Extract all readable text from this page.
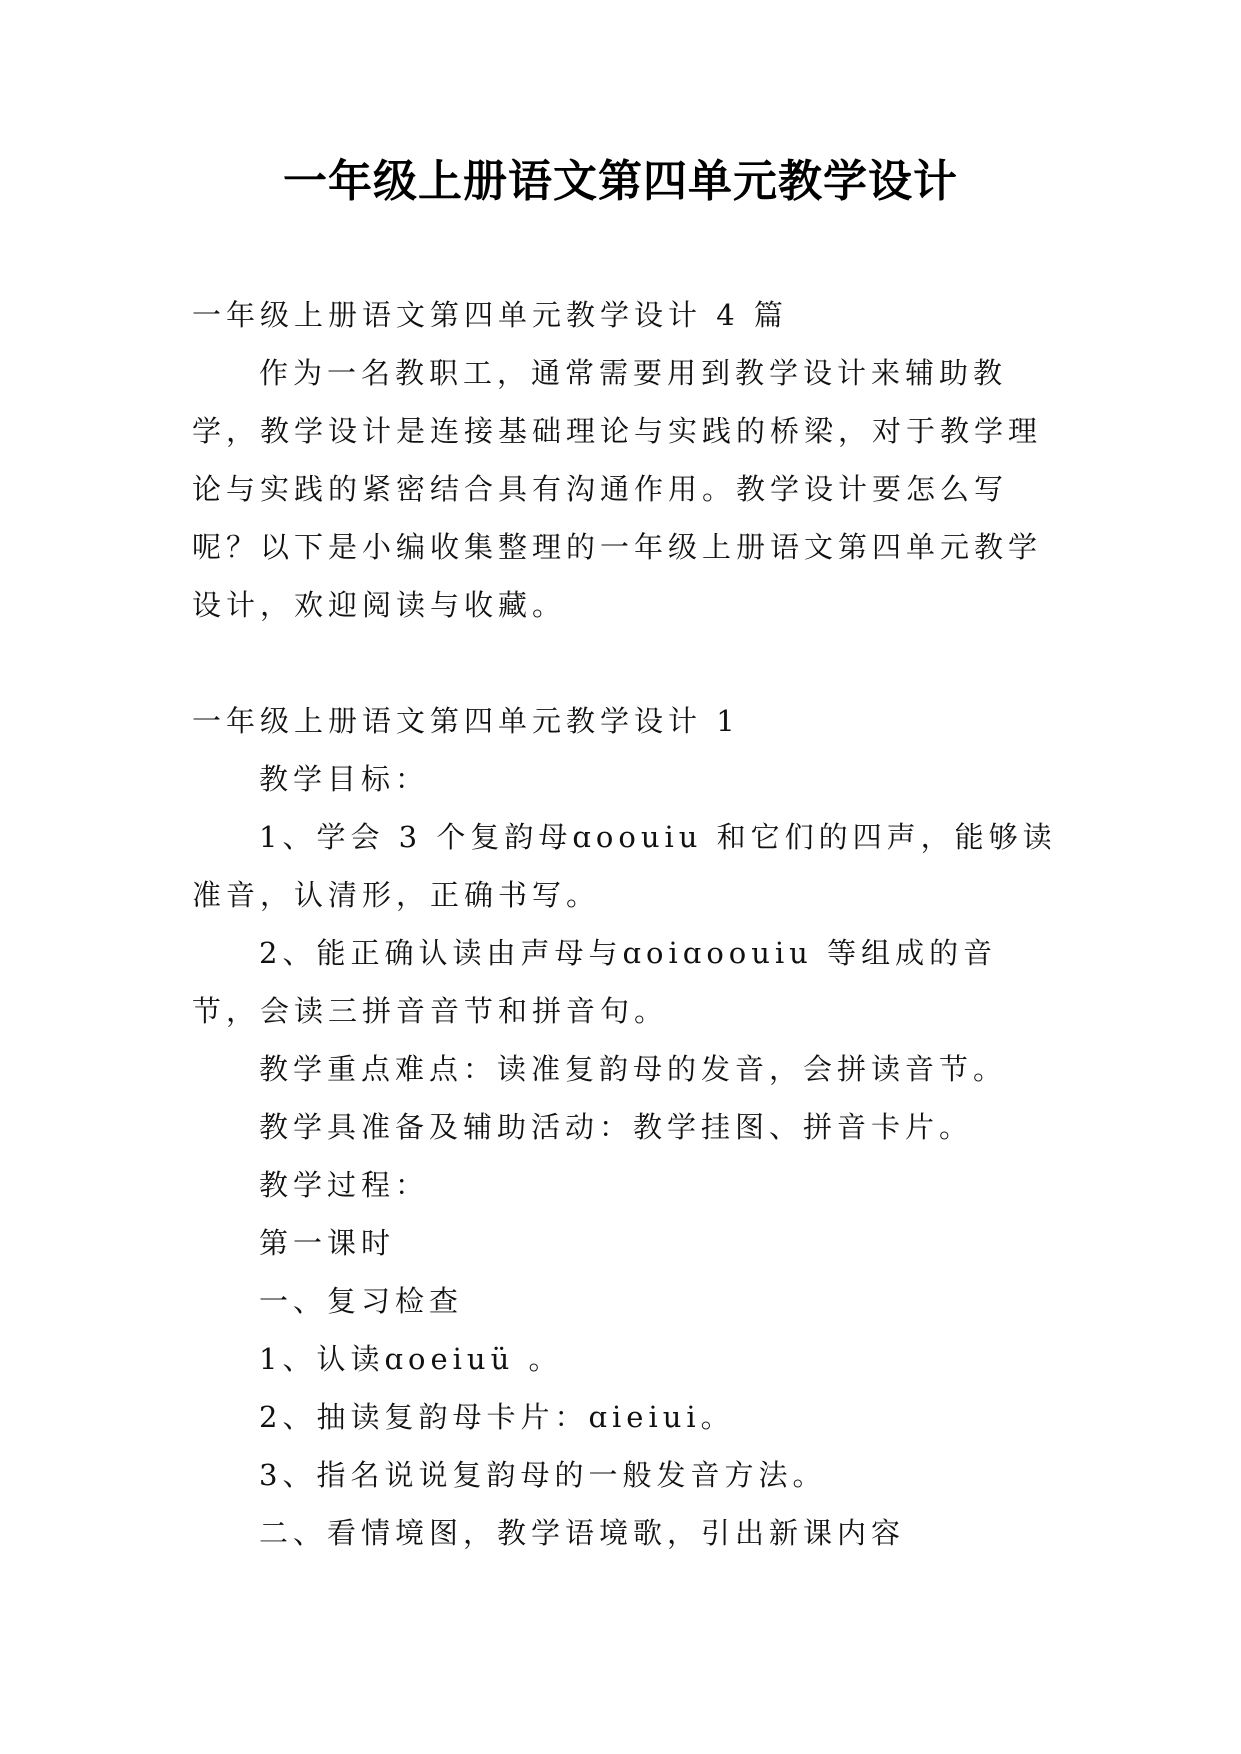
一年级上册语文第四单元教学设计

一年级上册语文第四单元教学设计 4 篇

作为一名教职工，通常需要用到教学设计来辅助教学，教学设计是连接基础理论与实践的桥梁，对于教学理论与实践的紧密结合具有沟通作用。教学设计要怎么写呢？以下是小编收集整理的一年级上册语文第四单元教学设计，欢迎阅读与收藏。

一年级上册语文第四单元教学设计 1

教学目标：

1、学会 3 个复韵母ɑoouiu 和它们的四声，能够读准音，认清形，正确书写。

2、能正确认读由声母与ɑoiɑoouiu 等组成的音节，会读三拼音音节和拼音句。

教学重点难点：读准复韵母的发音，会拼读音节。

教学具准备及辅助活动：教学挂图、拼音卡片。

教学过程：

第一课时

一、复习检查

1、认读ɑoeiuü 。

2、抽读复韵母卡片：ɑieiui。

3、指名说说复韵母的一般发音方法。

二、看情境图，教学语境歌，引出新课内容
